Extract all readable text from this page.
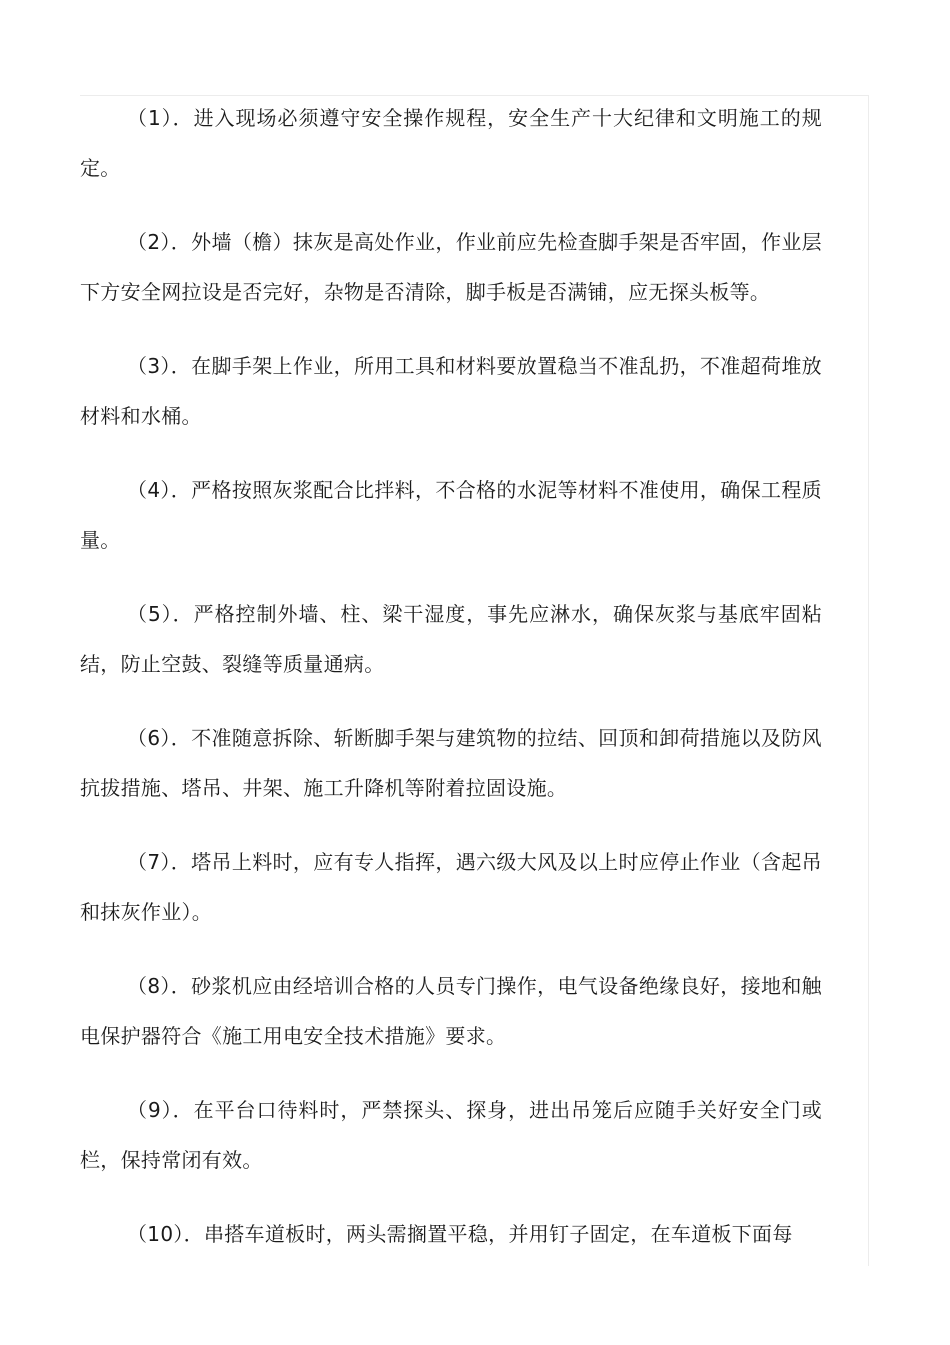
（1）．进入现场必须遵守安全操作规程，安全生产十大纪律和文明施工的规定。

（2）．外墙（檐）抹灰是高处作业，作业前应先检查脚手架是否牢固，作业层下方安全网拉设是否完好，杂物是否清除，脚手板是否满铺，应无探头板等。

（3）．在脚手架上作业，所用工具和材料要放置稳当不准乱扔，不准超荷堆放材料和水桶。

（4）．严格按照灰浆配合比拌料，不合格的水泥等材料不准使用，确保工程质量。

（5）．严格控制外墙、柱、梁干湿度，事先应淋水，确保灰浆与基底牢固粘结，防止空鼓、裂缝等质量通病。

（6）．不准随意拆除、斩断脚手架与建筑物的拉结、回顶和卸荷措施以及防风抗拔措施、塔吊、井架、施工升降机等附着拉固设施。

（7）．塔吊上料时，应有专人指挥，遇六级大风及以上时应停止作业（含起吊和抹灰作业）。

（8）．砂浆机应由经培训合格的人员专门操作，电气设备绝缘良好，接地和触电保护器符合《施工用电安全技术措施》要求。

（9）．在平台口待料时，严禁探头、探身，进出吊笼后应随手关好安全门或栏，保持常闭有效。

（10）．串搭车道板时，两头需搁置平稳，并用钉子固定，在车道板下面每
